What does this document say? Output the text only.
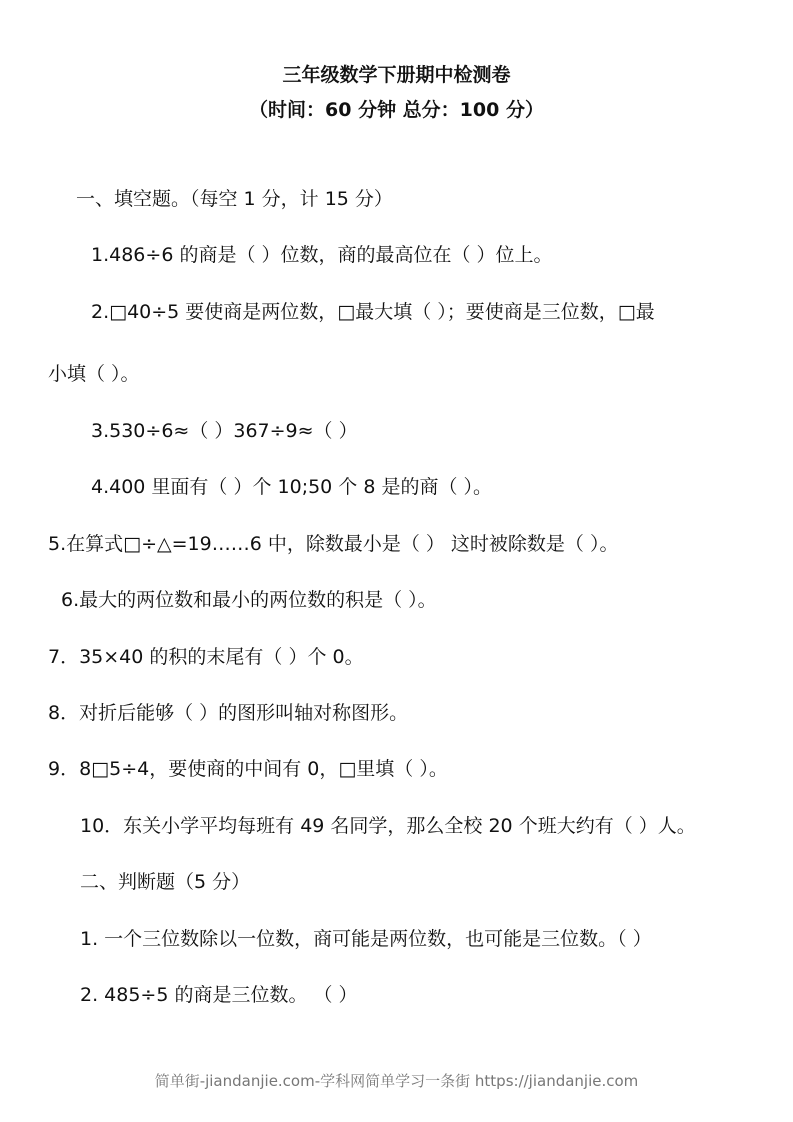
三年级数学下册期中检测卷
（时间：60 分钟 总分：100 分）
一、填空题。（每空 1 分，计 15 分）
1.486÷6 的商是（ ）位数，商的最高位在（ ）位上。
2.□40÷5 要使商是两位数，□最大填（ ）；要使商是三位数，□最
小填（ ）。
3.530÷6≈（ ）367÷9≈（ ）
4.400 里面有（ ）个 10;50 个 8 是的商（ ）。
5.在算式□÷△=19……6 中，除数最小是（ ） 这时被除数是（ ）。
6.最大的两位数和最小的两位数的积是（ ）。
7．35×40 的积的末尾有（ ）个 0。
8．对折后能够（ ）的图形叫轴对称图形。
9．8□5÷4，要使商的中间有 0，□里填（ ）。
10．东关小学平均每班有 49 名同学，那么全校 20 个班大约有（ ）人。
二、判断题（5 分）
1. 一个三位数除以一位数，商可能是两位数，也可能是三位数。（ ）
2. 485÷5 的商是三位数。 （ ）
简单街-jiandanjie.com-学科网简单学习一条街 https://jiandanjie.com
